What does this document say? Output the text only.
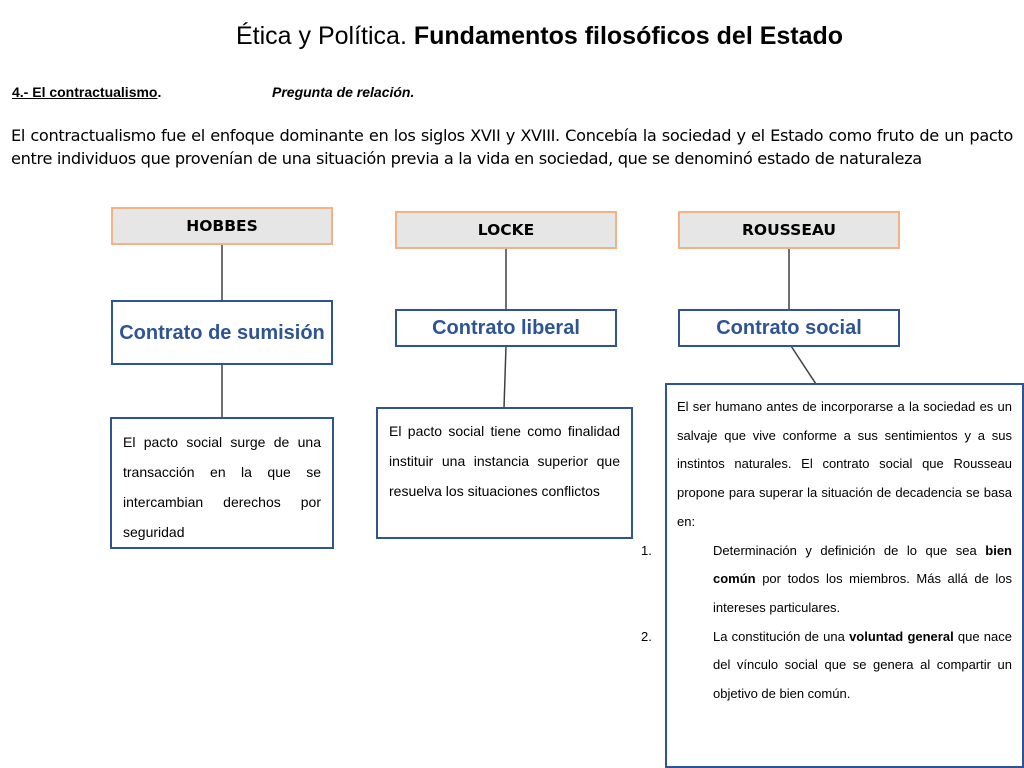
Ética y Política. Fundamentos filosóficos del Estado
4.- El contractualismo.	Pregunta de relación.
El contractualismo fue el enfoque dominante en los siglos XVII y XVIII. Concebía la sociedad y el Estado como fruto de un pacto entre individuos que provenían de una situación previa a la vida en sociedad, que se denominó estado de naturaleza
HOBBES
Contrato de sumisión
El pacto social surge de una transacción en la que se intercambian derechos por seguridad
LOCKE
Contrato liberal
El pacto social tiene como finalidad instituir una instancia superior que resuelva los situaciones conflictos
ROUSSEAU
Contrato social
El ser humano antes de incorporarse a la sociedad es un salvaje que vive conforme a sus sentimientos y a sus instintos naturales. El contrato social que Rousseau propone para superar la situación de decadencia se basa en:
1.	Determinación y definición de lo que sea bien común por todos los miembros. Más allá de los intereses particulares.
2.	La constitución de una voluntad general que nace del vínculo social que se genera al compartir un objetivo de bien común.
